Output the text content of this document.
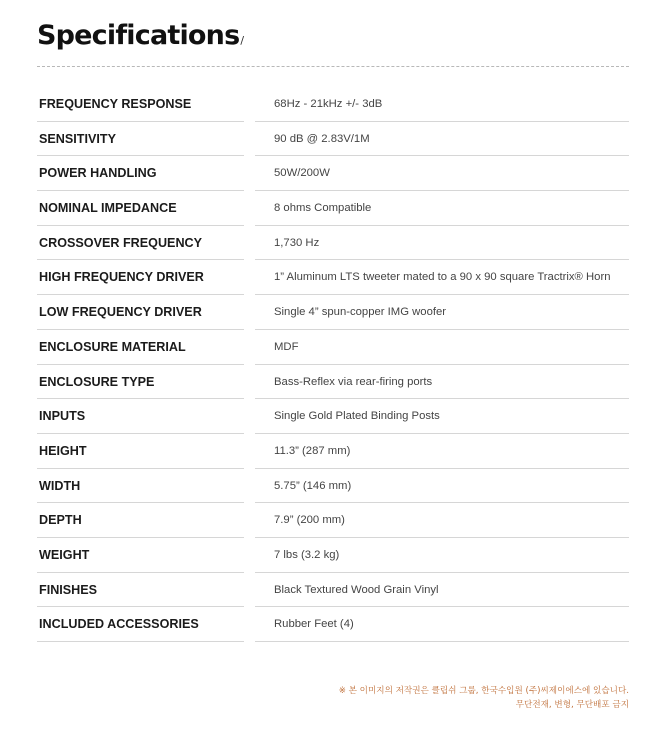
Specifications/
FREQUENCY RESPONSE	68Hz - 21kHz +/- 3dB
SENSITIVITY	90 dB @ 2.83V/1M
POWER HANDLING	50W/200W
NOMINAL IMPEDANCE	8 ohms Compatible
CROSSOVER FREQUENCY	1,730 Hz
HIGH FREQUENCY DRIVER	1” Aluminum LTS tweeter mated to a 90 x 90 square Tractrix® Horn
LOW FREQUENCY DRIVER	Single 4” spun-copper IMG woofer
ENCLOSURE MATERIAL	MDF
ENCLOSURE TYPE	Bass-Reflex via rear-firing ports
INPUTS	Single Gold Plated Binding Posts
HEIGHT	11.3” (287 mm)
WIDTH	5.75” (146 mm)
DEPTH	7.9” (200 mm)
WEIGHT	7 lbs (3.2 kg)
FINISHES	Black Textured Wood Grain Vinyl
INCLUDED ACCESSORIES	Rubber Feet (4)
※ 본 이미지의 저작권은 클립쉬 그룹, 한국수입원 (주)씨제이에스에 있습니다.
무단전재, 변형, 무단배포 금지
